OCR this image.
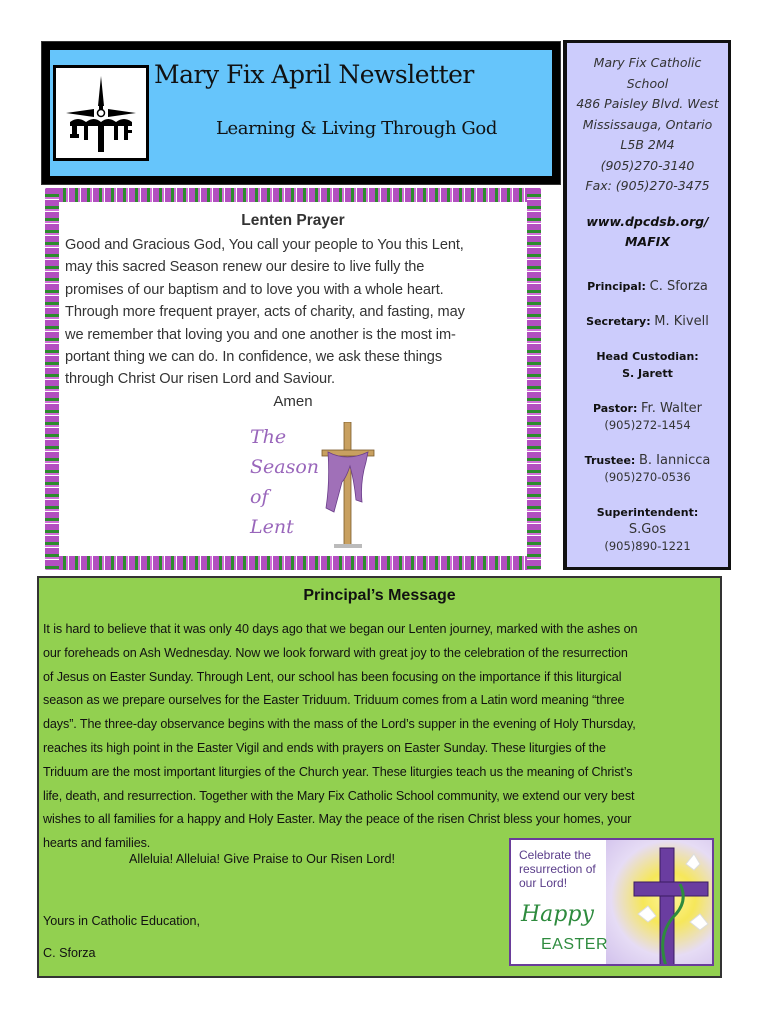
Mary Fix April Newsletter
Learning & Living Through God
Mary Fix Catholic
School
486 Paisley Blvd. West
Mississauga, Ontario
L5B 2M4
(905)270-3140
Fax: (905)270-3475
www.dpcdsb.org/
MAFIX
Principal: C. Sforza
Secretary: M. Kivell
Head Custodian:
S. Jarett
Pastor: Fr. Walter
(905)272-1454
Trustee: B. Iannicca
(905)270-0536
Superintendent:
S.Gos
(905)890-1221
Lenten Prayer
Good and Gracious God, You call your people to You this Lent,
may this sacred Season renew our desire to live fully the
promises of our baptism and to love you with a whole heart.
Through more frequent prayer, acts of charity, and fasting, may
we remember that loving you and one another is the most im-
portant thing we can do. In confidence, we ask these things
through Christ Our risen Lord and Saviour.
Amen
The
Season
of
Lent
Principal’s Message
It is hard to believe that it was only 40 days ago that we began our Lenten journey, marked with the ashes on
our foreheads on Ash Wednesday. Now we look forward with great joy to the celebration of the resurrection
of Jesus on Easter Sunday. Through Lent, our school has been focusing on the importance if this liturgical
season as we prepare ourselves for the Easter Triduum. Triduum comes from a Latin word meaning “three
days”. The three-day observance begins with the mass of the Lord’s supper in the evening of Holy Thursday,
reaches its high point in the Easter Vigil and ends with prayers on Easter Sunday. These liturgies of the
Triduum are the most important liturgies of the Church year. These liturgies teach us the meaning of Christ’s
life, death, and resurrection. Together with the Mary Fix Catholic School community, we extend our very best
wishes to all families for a happy and Holy Easter. May the peace of the risen Christ bless your homes, your
hearts and families.
Alleluia! Alleluia! Give Praise to Our Risen Lord!
Yours in Catholic Education,
C. Sforza
Celebrate the
resurrection of
our Lord!
Happy
EASTER
